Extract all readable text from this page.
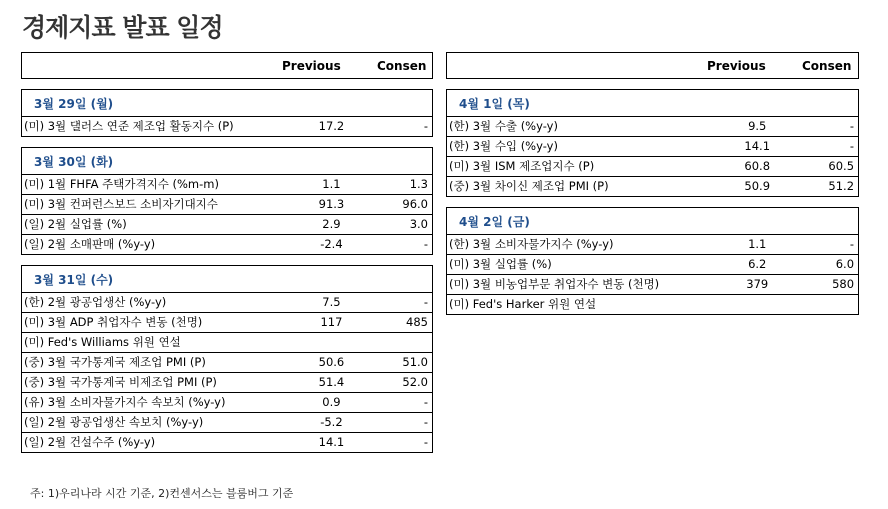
경제지표 발표 일정
Previous	Consen
3월 29일 (월)
(미) 3월 댈러스 연준 제조업 활동지수 (P)	17.2	-
3월 30일 (화)
(미) 1월 FHFA 주택가격지수 (%m-m)	1.1	1.3
(미) 3월 컨퍼런스보드 소비자기대지수	91.3	96.0
(일) 2월 실업률 (%)	2.9	3.0
(일) 2월 소매판매 (%y-y)	-2.4	-
3월 31일 (수)
(한) 2월 광공업생산 (%y-y)	7.5	-
(미) 3월 ADP 취업자수 변동 (천명)	117	485
(미) Fed's Williams 위원 연설
(중) 3월 국가통계국 제조업 PMI (P)	50.6	51.0
(중) 3월 국가통계국 비제조업 PMI (P)	51.4	52.0
(유) 3월 소비자물가지수 속보치 (%y-y)	0.9	-
(일) 2월 광공업생산 속보치 (%y-y)	-5.2	-
(일) 2월 건설수주 (%y-y)	14.1	-
Previous	Consen
4월 1일 (목)
(한) 3월 수출 (%y-y)	9.5	-
(한) 3월 수입 (%y-y)	14.1	-
(미) 3월 ISM 제조업지수 (P)	60.8	60.5
(중) 3월 차이신 제조업 PMI (P)	50.9	51.2
4월 2일 (금)
(한) 3월 소비자물가지수 (%y-y)	1.1	-
(미) 3월 실업률 (%)	6.2	6.0
(미) 3월 비농업부문 취업자수 변동 (천명)	379	580
(미) Fed's Harker 위원 연설
주: 1)우리나라 시간 기준, 2)컨센서스는 블룸버그 기준
